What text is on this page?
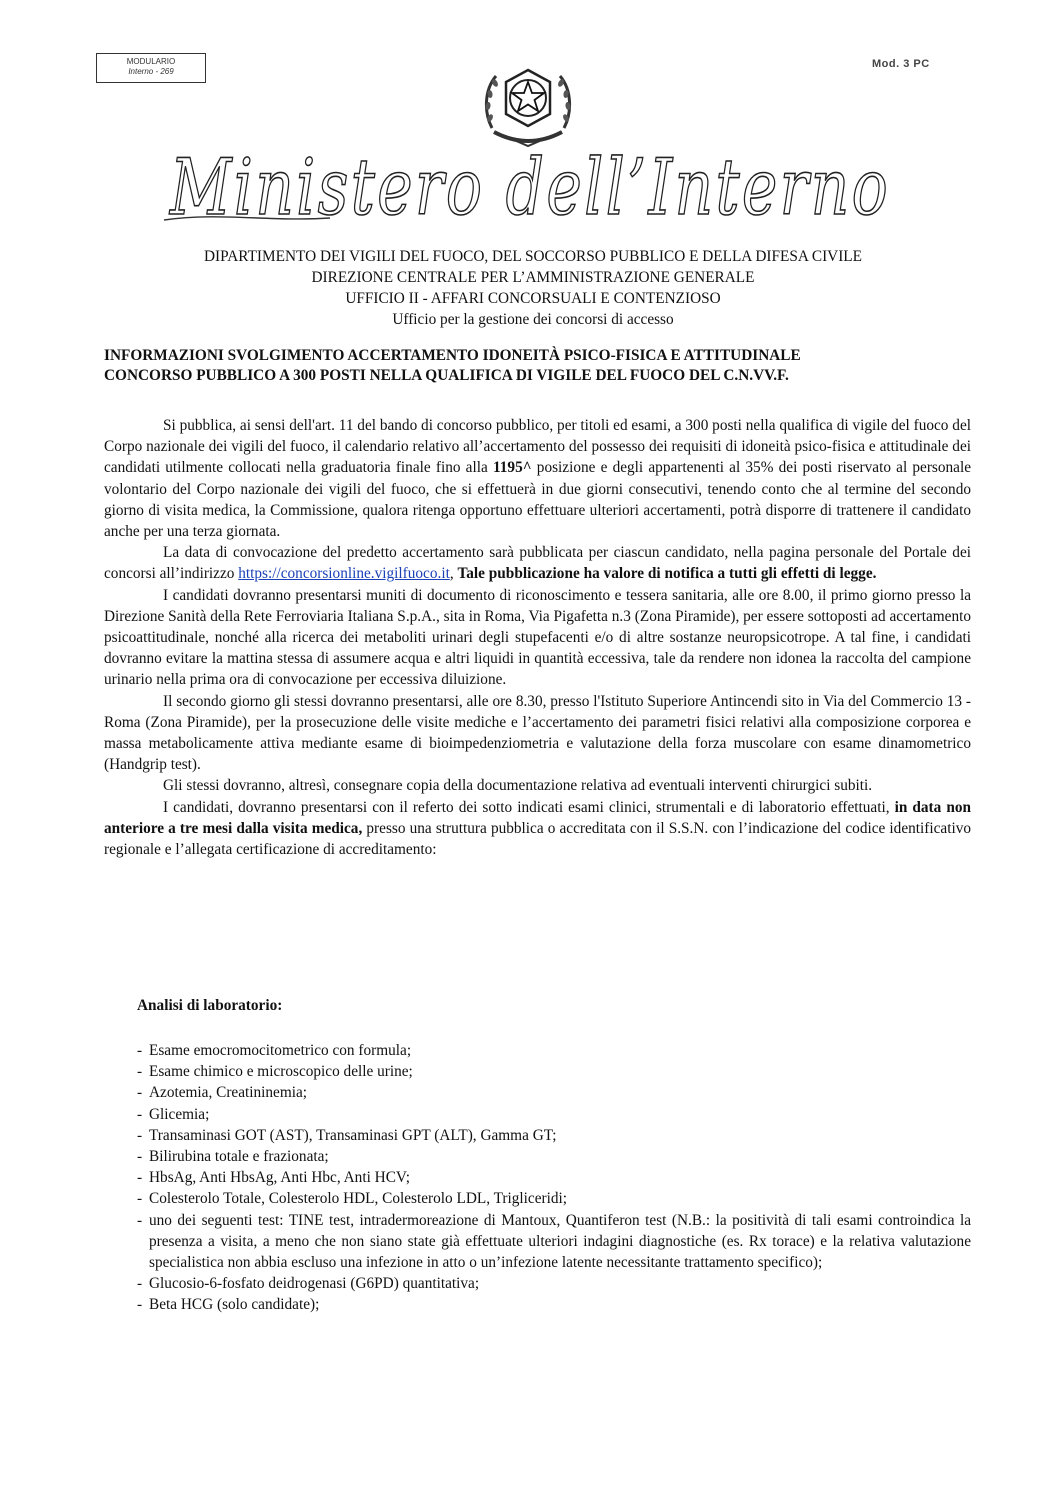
MODULARIO
Interno - 269
Mod. 3 PC
Ministero dell’Interno
DIPARTIMENTO DEI VIGILI DEL FUOCO, DEL SOCCORSO PUBBLICO E DELLA DIFESA CIVILE
DIREZIONE CENTRALE PER L’AMMINISTRAZIONE GENERALE
UFFICIO II - AFFARI CONCORSUALI E CONTENZIOSO
Ufficio per la gestione dei concorsi di accesso
INFORMAZIONI SVOLGIMENTO ACCERTAMENTO IDONEITÀ PSICO-FISICA E ATTITUDINALE
CONCORSO PUBBLICO A 300 POSTI NELLA QUALIFICA DI VIGILE DEL FUOCO DEL C.N.VV.F.

Si pubblica, ai sensi dell'art. 11 del bando di concorso pubblico, per titoli ed esami, a 300 posti nella qualifica di vigile del fuoco del Corpo nazionale dei vigili del fuoco, il calendario relativo all’accertamento del possesso dei requisiti di idoneità psico-fisica e attitudinale dei candidati utilmente collocati nella graduatoria finale fino alla 1195^ posizione e degli appartenenti al 35% dei posti riservato al personale volontario del Corpo nazionale dei vigili del fuoco, che si effettuerà in due giorni consecutivi, tenendo conto che al termine del secondo giorno di visita medica, la Commissione, qualora ritenga opportuno effettuare ulteriori accertamenti, potrà disporre di trattenere il candidato anche per una terza giornata.

La data di convocazione del predetto accertamento sarà pubblicata per ciascun candidato, nella pagina personale del Portale dei concorsi all’indirizzo https://concorsionline.vigilfuoco.it, Tale pubblicazione ha valore di notifica a tutti gli effetti di legge.

I candidati dovranno presentarsi muniti di documento di riconoscimento e tessera sanitaria, alle ore 8.00, il primo giorno presso la Direzione Sanità della Rete Ferroviaria Italiana S.p.A., sita in Roma, Via Pigafetta n.3 (Zona Piramide), per essere sottoposti ad accertamento psicoattitudinale, nonché alla ricerca dei metaboliti urinari degli stupefacenti e/o di altre sostanze neuropsicotrope. A tal fine, i candidati dovranno evitare la mattina stessa di assumere acqua e altri liquidi in quantità eccessiva, tale da rendere non idonea la raccolta del campione urinario nella prima ora di convocazione per eccessiva diluizione.

Il secondo giorno gli stessi dovranno presentarsi, alle ore 8.30, presso l'Istituto Superiore Antincendi sito in Via del Commercio 13 - Roma (Zona Piramide), per la prosecuzione delle visite mediche e l’accertamento dei parametri fisici relativi alla composizione corporea e massa metabolicamente attiva mediante esame di bioimpedenziometria e valutazione della forza muscolare con esame dinamometrico (Handgrip test).

Gli stessi dovranno, altresì, consegnare copia della documentazione relativa ad eventuali interventi chirurgici subiti.

I candidati, dovranno presentarsi con il referto dei sotto indicati esami clinici, strumentali e di laboratorio effettuati, in data non anteriore a tre mesi dalla visita medica, presso una struttura pubblica o accreditata con il S.S.N. con l’indicazione del codice identificativo regionale e l’allegata certificazione di accreditamento:

Analisi di laboratorio:
- Esame emocromocitometrico con formula;
- Esame chimico e microscopico delle urine;
- Azotemia, Creatininemia;
- Glicemia;
- Transaminasi GOT (AST), Transaminasi GPT (ALT), Gamma GT;
- Bilirubina totale e frazionata;
- HbsAg, Anti HbsAg, Anti Hbc, Anti HCV;
- Colesterolo Totale, Colesterolo HDL, Colesterolo LDL, Trigliceridi;
- uno dei seguenti test: TINE test, intradermoreazione di Mantoux, Quantiferon test (N.B.: la positività di tali esami controindica la presenza a visita, a meno che non siano state già effettuate ulteriori indagini diagnostiche (es. Rx torace) e la relativa valutazione specialistica non abbia escluso una infezione in atto o un’infezione latente necessitante trattamento specifico);
- Glucosio-6-fosfato deidrogenasi (G6PD) quantitativa;
- Beta HCG (solo candidate);
